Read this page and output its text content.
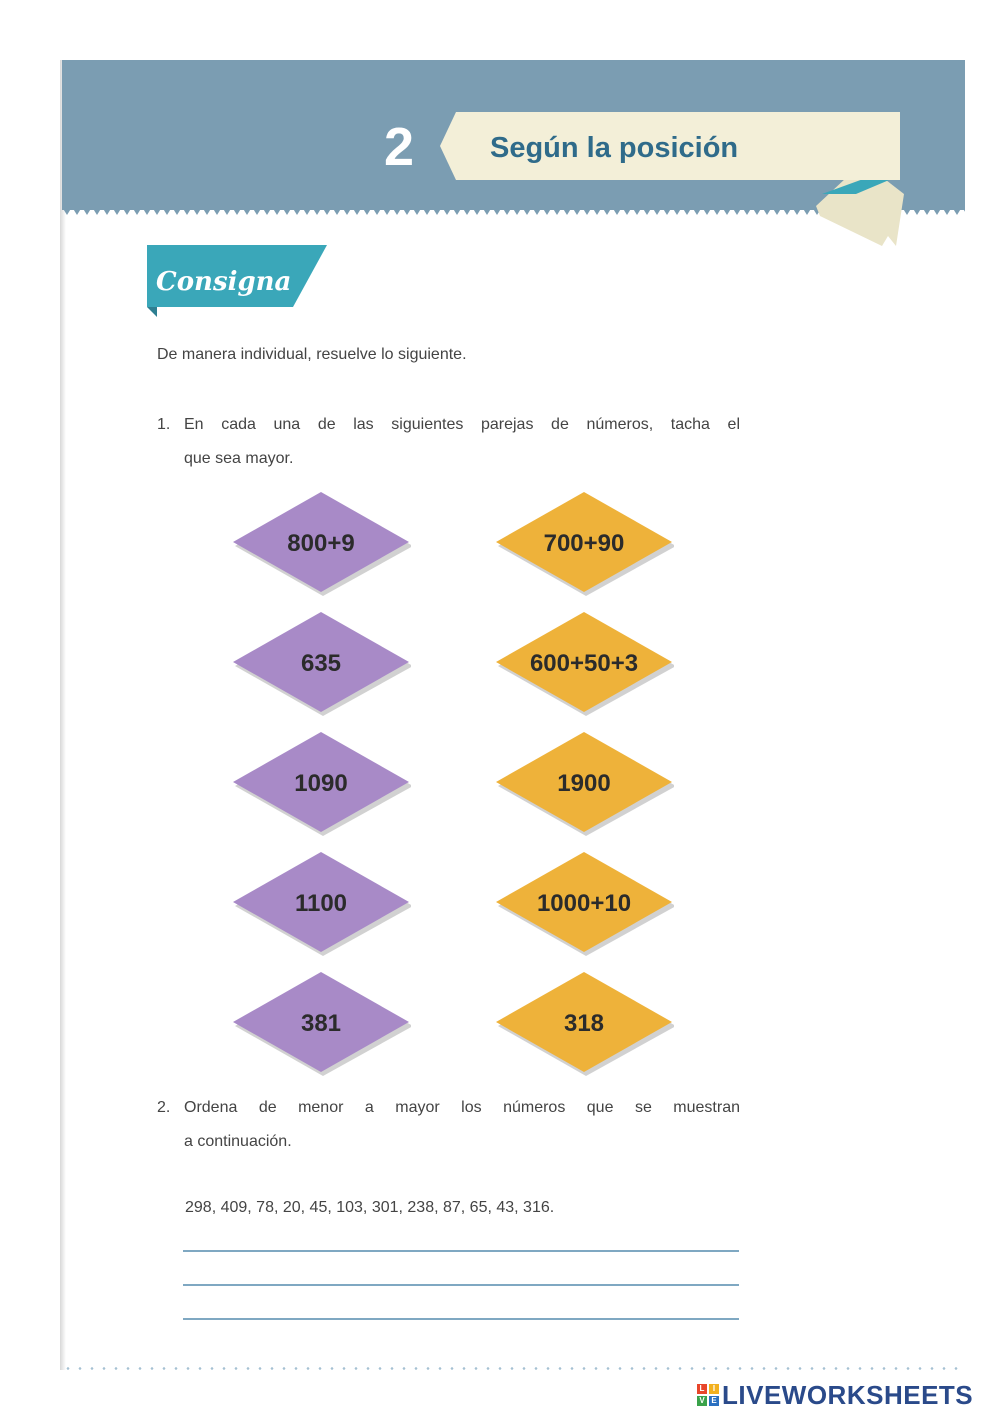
2	Según la posición
Consigna
De manera individual, resuelve lo siguiente.
1. En cada una de las siguientes parejas de números, tacha el
que sea mayor.
800+9	700+90
635	600+50+3
1090	1900
1100	1000+10
381	318
2. Ordena de menor a mayor los números que se muestran
a continuación.
298, 409, 78, 20, 45, 103, 301, 238, 87, 65, 43, 316.
L	I
V E LIVEWORKSHEETS
